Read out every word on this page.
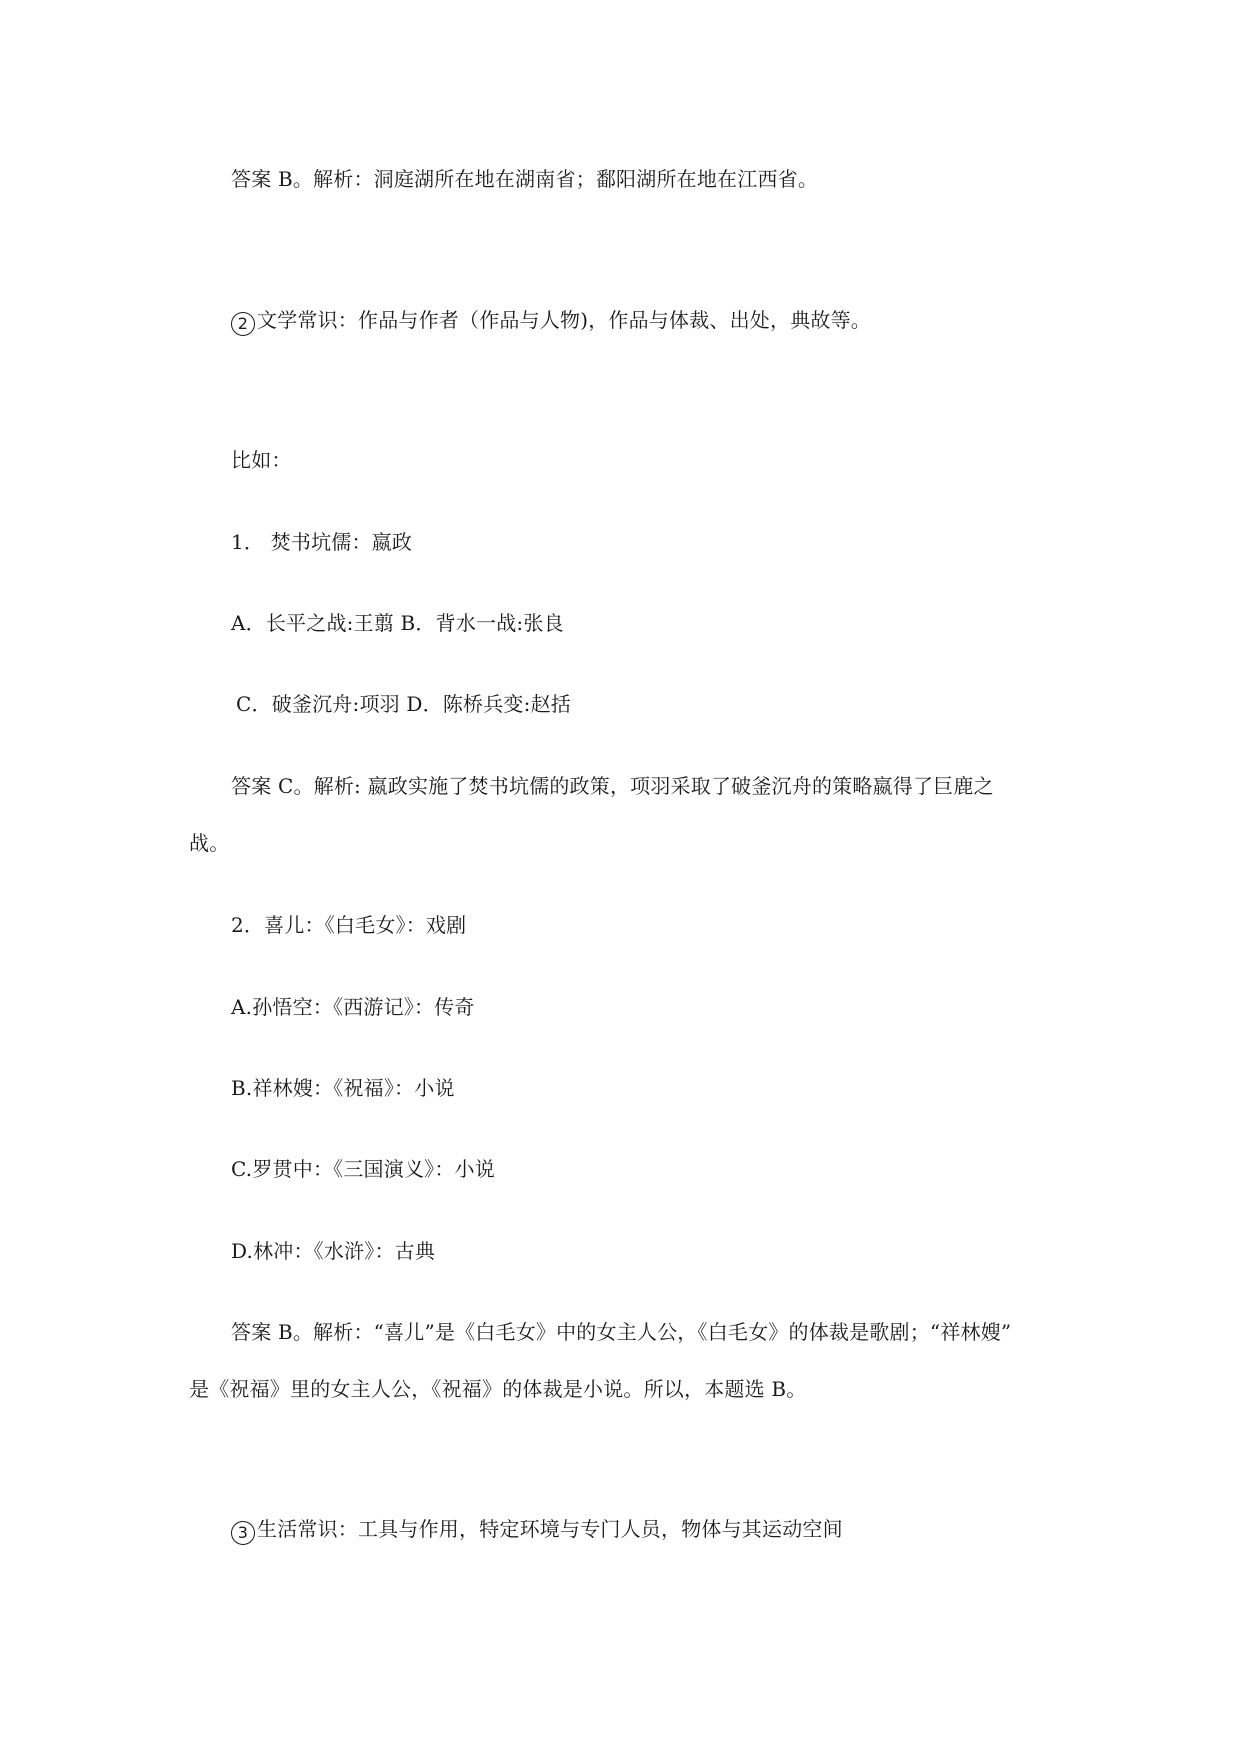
答案 B。解析：洞庭湖所在地在湖南省；鄱阳湖所在地在江西省。
2 文学常识：作品与作者（作品与人物)，作品与体裁、出处，典故等。
比如：
1． 焚书坑儒：嬴政
A．长平之战:王翦 B．背水一战:张良
C．破釜沉舟:项羽 D．陈桥兵变:赵括
答案 C。解析: 嬴政实施了焚书坑儒的政策，项羽采取了破釜沉舟的策略嬴得了巨鹿之
战。
2．喜儿：《白毛女》：戏剧
A.孙悟空：《西游记》：传奇
B.祥林嫂：《祝福》：小说
C.罗贯中：《三国演义》：小说
D.林冲：《水浒》：古典
答案 B。解析：“喜儿”是《白毛女》中的女主人公，《白毛女》的体裁是歌剧；“祥林嫂”
是《祝福》里的女主人公，《祝福》的体裁是小说。所以，本题选 B。
3 生活常识：工具与作用，特定环境与专门人员，物体与其运动空间
